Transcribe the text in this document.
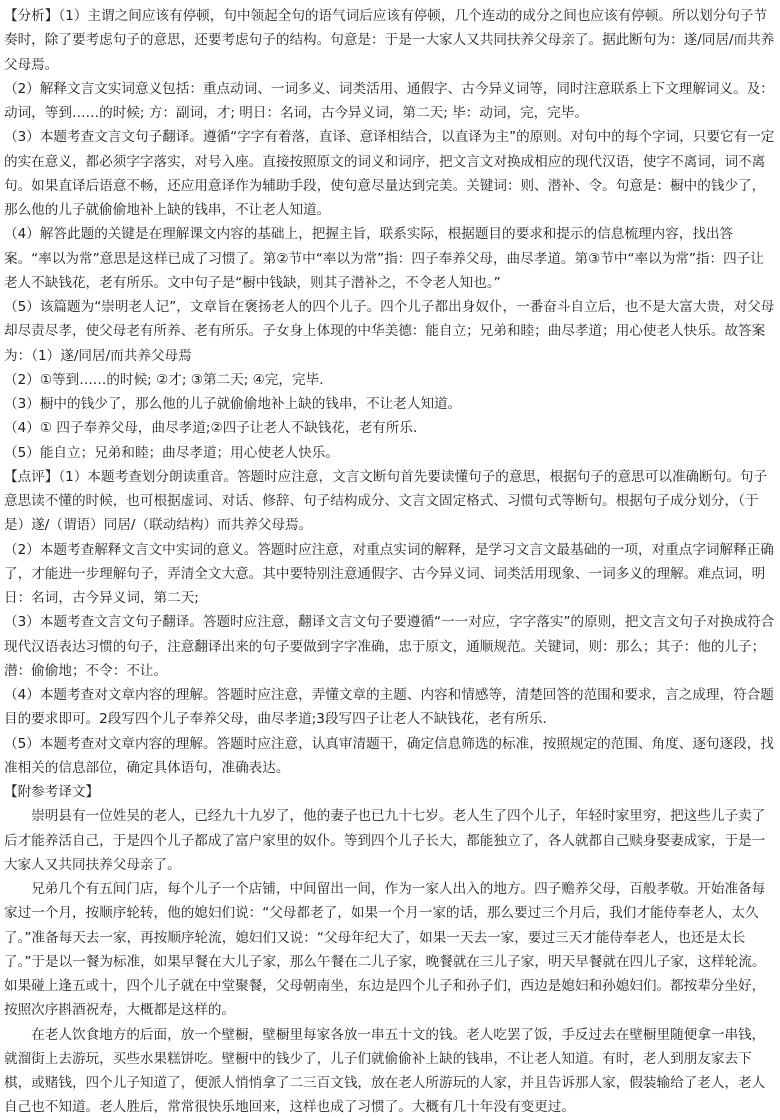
【分析】（1）主谓之间应该有停顿，句中领起全句的语气词后应该有停顿，几个连动的成分之间也应该有停顿。所以划分句子节奏时，除了要考虑句子的意思，还要考虑句子的结构。句意是：于是一大家人又共同扶养父母亲了。据此断句为：遂/同居/而共养父母焉。

（2）解释文言文实词意义包括：重点动词、一词多义、词类活用、通假字、古今异义词等，同时注意联系上下文理解词义。及：动词，等到……的时候; 方：副词，才; 明日：名词，古今异义词，第二天; 毕：动词，完，完毕。

（3）本题考查文言文句子翻译。遵循“字字有着落，直译、意译相结合，以直译为主”的原则。对句中的每个字词，只要它有一定的实在意义，都必须字字落实，对号入座。直接按照原文的词义和词序，把文言文对换成相应的现代汉语，使字不离词，词不离句。如果直译后语意不畅，还应用意译作为辅助手段，使句意尽量达到完美。关键词：则、潜补、令。句意是：橱中的钱少了，那么他的儿子就偷偷地补上缺的钱串，不让老人知道。

（4）解答此题的关键是在理解课文内容的基础上，把握主旨，联系实际，根据题目的要求和提示的信息梳理内容，找出答案。“率以为常”意思是这样已成了习惯了。第②节中“率以为常”指：四子奉养父母，曲尽孝道。第③节中“率以为常”指：四子让老人不缺钱花，老有所乐。文中句子是“橱中钱缺，则其子潜补之，不令老人知也。”

（5）该篇题为“崇明老人记”，文章旨在褒扬老人的四个儿子。四个儿子都出身奴仆，一番奋斗自立后，也不是大富大贵，对父母却尽责尽孝，使父母老有所养、老有所乐。子女身上体现的中华美德：能自立；兄弟和睦；曲尽孝道；用心使老人快乐。故答案为：（1）遂/同居/而共养父母焉

（2）①等到……的时候; ②才; ③第二天; ④完，完毕.

（3）橱中的钱少了，那么他的儿子就偷偷地补上缺的钱串，不让老人知道。

（4）① 四子奉养父母，曲尽孝道;②四子让老人不缺钱花，老有所乐.

（5）能自立；兄弟和睦；曲尽孝道；用心使老人快乐。

【点评】（1）本题考查划分朗读重音。答题时应注意，文言文断句首先要读懂句子的意思，根据句子的意思可以准确断句。句子意思读不懂的时候，也可根据虚词、对话、修辞、句子结构成分、文言文固定格式、习惯句式等断句。根据句子成分划分，（于是）遂/（谓语）同居/（联动结构）而共养父母焉。

（2）本题考查解释文言文中实词的意义。答题时应注意，对重点实词的解释，是学习文言文最基础的一项，对重点字词解释正确了，才能进一步理解句子，弄清全文大意。其中要特别注意通假字、古今异义词、词类活用现象、一词多义的理解。难点词，明日：名词，古今异义词，第二天;

（3）本题考查文言文句子翻译。答题时应注意，翻译文言文句子要遵循“一一对应，字字落实”的原则，把文言文句子对换成符合现代汉语表达习惯的句子，注意翻译出来的句子要做到字字准确，忠于原文，通顺规范。关键词，则：那么；其子：他的儿子；潜：偷偷地；不令：不让。

（4）本题考查对文章内容的理解。答题时应注意，弄懂文章的主题、内容和情感等，清楚回答的范围和要求，言之成理，符合题目的要求即可。2段写四个儿子奉养父母，曲尽孝道;3段写四子让老人不缺钱花，老有所乐.

（5）本题考查对文章内容的理解。答题时应注意，认真审清题干，确定信息筛选的标准，按照规定的范围、角度、逐句逐段，找准相关的信息部位，确定具体语句，准确表达。

【附参考译文】

崇明县有一位姓吴的老人，已经九十九岁了，他的妻子也已九十七岁。老人生了四个儿子，年轻时家里穷，把这些儿子卖了后才能养活自己，于是四个儿子都成了富户家里的奴仆。等到四个儿子长大，都能独立了，各人就都自己赎身娶妻成家，于是一大家人又共同扶养父母亲了。

兄弟几个有五间门店，每个儿子一个店铺，中间留出一间，作为一家人出入的地方。四子赡养父母，百般孝敬。开始准备每家过一个月，按顺序轮转，他的媳妇们说：“父母都老了，如果一个月一家的话，那么要过三个月后，我们才能侍奉老人，太久了。”准备每天去一家，再按顺序轮流，媳妇们又说：“父母年纪大了，如果一天去一家，要过三天才能侍奉老人，也还是太长了。”于是以一餐为标准，如果早餐在大儿子家，那么午餐在二儿子家，晚餐就在三儿子家，明天早餐就在四儿子家，这样轮流。如果碰上逢五或十，四个儿子就在中堂聚餐，父母朝南坐，东边是四个儿子和孙子们，西边是媳妇和孙媳妇们。都按辈分坐好，按照次序斟酒祝寿，大概都是这样的。

在老人饮食地方的后面，放一个壁橱，壁橱里每家各放一串五十文的钱。老人吃罢了饭，手反过去在壁橱里随便拿一串钱，就溜街上去游玩，买些水果糕饼吃。壁橱中的钱少了，儿子们就偷偷补上缺的钱串，不让老人知道。有时，老人到朋友家去下棋，或赌钱，四个儿子知道了，便派人悄悄拿了二三百文钱，放在老人所游玩的人家，并且告诉那人家，假装输给了老人，老人自己也不知道。老人胜后，常常很快乐地回来，这样也成了习惯了。大概有几十年没有变更过。
